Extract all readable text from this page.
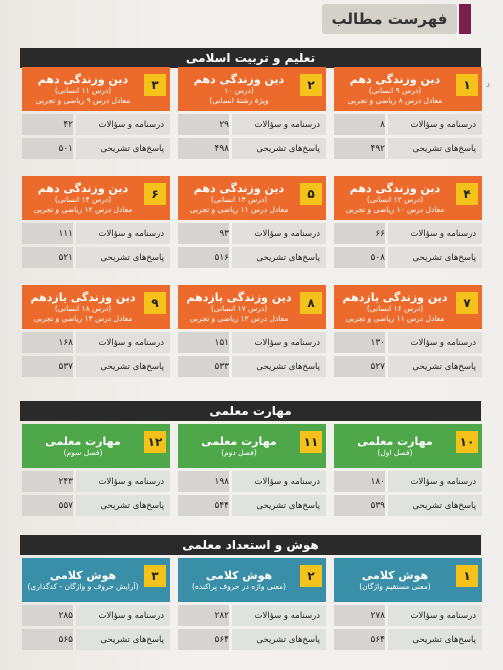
فهرست مطالب
د
تعلیم و تربیت اسلامی
مهارت معلمی
هوش و استعداد معلمی
۱
دین وزندگی دهم
(درس ۹ انسانی)
معادل درس ۸ ریاضی و تجربی
درسنامه و سؤالات
۸
پاسخ‌های تشریحی
۴۹۲
۲
دین وزندگی دهم
(درس ۱۰
ویژهٔ رشتهٔ انسانی)
درسنامه و سؤالات
۲۹
پاسخ‌های تشریحی
۴۹۸
۳
دین وزندگی دهم
(درس ۱۱ انسانی)
معادل درس ۹ ریاضی و تجربی
درسنامه و سؤالات
۴۲
پاسخ‌های تشریحی
۵۰۱
۴
دین وزندگی دهم
(درس ۱۲ انسانی)
معادل درس ۱۰ ریاضی و تجربی
درسنامه و سؤالات
۶۶
پاسخ‌های تشریحی
۵۰۸
۵
دین وزندگی دهم
(درس ۱۳ انسانی)
معادل درس ۱۱ ریاضی و تجربی
درسنامه و سؤالات
۹۳
پاسخ‌های تشریحی
۵۱۶
۶
دین وزندگی دهم
(درس ۱۴ انسانی)
معادل درس ۱۲ ریاضی و تجربی
درسنامه و سؤالات
۱۱۱
پاسخ‌های تشریحی
۵۲۱
۷
دین وزندگی یازدهم
(درس ۱۶ انسانی)
معادل درس ۱۱ ریاضی و تجربی
درسنامه و سؤالات
۱۳۰
پاسخ‌های تشریحی
۵۲۷
۸
دین وزندگی یازدهم
(درس ۱۷ انسانی)
معادل درس ۱۲ ریاضی و تجربی
درسنامه و سؤالات
۱۵۱
پاسخ‌های تشریحی
۵۳۳
۹
دین وزندگی یازدهم
(درس ۱۸ انسانی)
معادل درس ۱۳ ریاضی و تجربی
درسنامه و سؤالات
۱۶۸
پاسخ‌های تشریحی
۵۳۷
۱۰
مهارت معلمی
(فصل اول)
درسنامه و سؤالات
۱۸۰
پاسخ‌های تشریحی
۵۳۹
۱۱
مهارت معلمی
(فصل دوم)
درسنامه و سؤالات
۱۹۸
پاسخ‌های تشریحی
۵۴۴
۱۲
مهارت معلمی
(فصل سوم)
درسنامه و سؤالات
۲۴۳
پاسخ‌های تشریحی
۵۵۷
۱
هوش کلامی
(معنی مستقیم واژگان)
درسنامه و سؤالات
۲۷۸
پاسخ‌های تشریحی
۵۶۴
۲
هوش کلامی
(معنی واژه در حروف پراکنده)
درسنامه و سؤالات
۲۸۲
پاسخ‌های تشریحی
۵۶۴
۳
هوش کلامی
(آرایش حروف و واژگان - کدگذاری)
درسنامه و سؤالات
۲۸۵
پاسخ‌های تشریحی
۵۶۵
